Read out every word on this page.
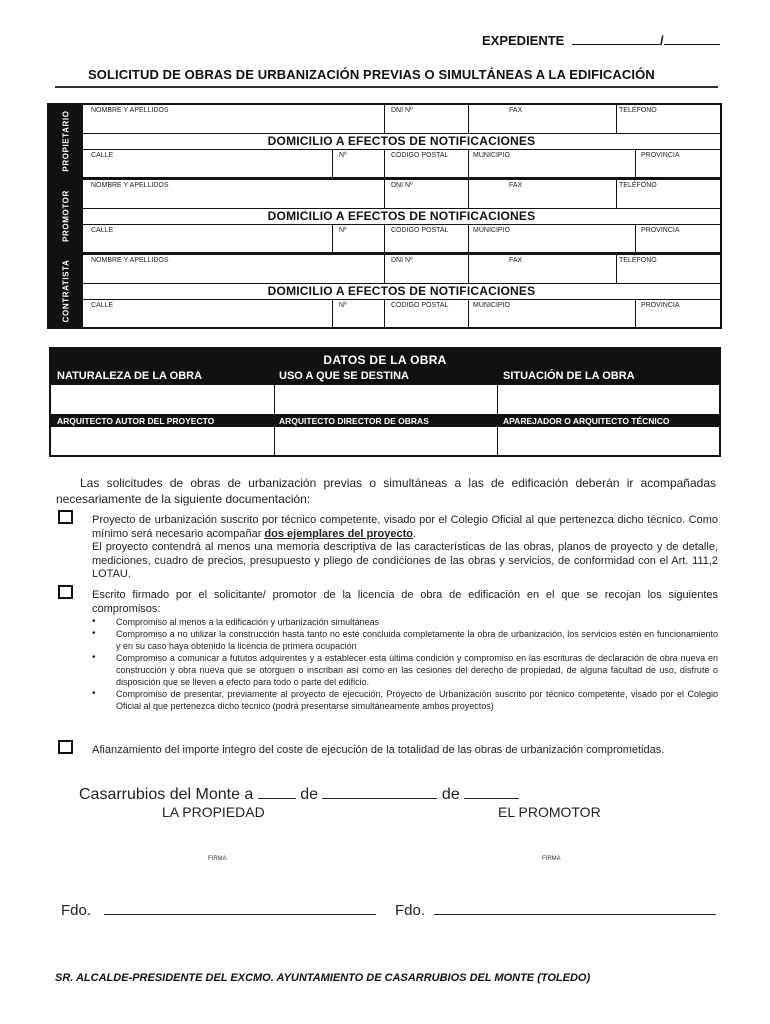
EXPEDIENTE	/
SOLICITUD DE OBRAS DE URBANIZACIÓN PREVIAS O SIMULTÁNEAS A LA EDIFICACIÓN
PROPIETARIO	NOMBRE Y APELLIDOS	DNI Nº	FAX	TELÉFONO
DOMICILIO A EFECTOS DE NOTIFICACIONES
CALLE	Nº	CÓDIGO POSTAL	MUNICIPIO	PROVINCIA
PROMOTOR
NOMBRE Y APELLIDOS	DNI Nº	FAX	TELÉFONO
DOMICILIO A EFECTOS DE NOTIFICACIONES
CALLE	Nº	CÓDIGO POSTAL	MUNICIPIO	PROVINCIA
CONTRATISTA	NOMBRE Y APELLIDOS	DNI Nº	FAX	TELÉFONO
DOMICILIO A EFECTOS DE NOTIFICACIONES
CALLE	Nº	CÓDIGO POSTAL	MUNICIPIO	PROVINCIA
DATOS DE LA OBRA
NATURALEZA DE LA OBRA	USO A QUE SE DESTINA	SITUACIÓN DE LA OBRA
ARQUITECTO AUTOR DEL PROYECTO	ARQUITECTO DIRECTOR DE OBRAS	APAREJADOR O ARQUITECTO TÉCNICO
Las solicitudes de obras de urbanización previas o simultáneas a las de edificación deberán ir acompañadas necesariamente de la siguiente documentación:
Proyecto de urbanización suscrito por técnico competente, visado por el Colegio Oficial al que pertenezca dicho técnico. Como mínimo será necesario acompañar dos ejemplares del proyecto.
El proyecto contendrá al menos una memoria descriptiva de las características de las obras, planos de proyecto y de detalle, mediciones, cuadro de precios, presupuesto y pliego de condiciones de las obras y servicios, de conformidad con el Art. 111,2 LOTAU.
Escrito firmado por el solicitante/ promotor de la licencia de obra de edificación en el que se recojan los siguientes compromisos:
• Compromiso al menos a la edificación y urbanización simultáneas
• Compromiso a no utilizar la construcción hasta tanto no esté concluida completamente la obra de urbanización, los servicios estén en funcionamiento y en su caso haya obtenido la licencia de primera ocupación
• Compromiso a comunicar a fututos adquirentes y a establecer esta última condición y compromiso en las escrituras de declaración de obra nueva en construcción y obra nueva que se otorguen o inscriban así como en las cesiones del derecho de propiedad, de alguna facultad de uso, disfrute o disposición que se lleven a efecto para todo o parte del edificio.
• Compromiso de presentar, previamente al proyecto de ejecución, Proyecto de Urbanización suscrito por técnico competente, visado por el Colegio Oficial al que pertenezca dicho técnico (podrá presentarse simultáneamente ambos proyectos)
Afianzamiento del importe integro del coste de ejecución de la totalidad de las obras de urbanización comprometidas.
Casarrubios del Monte a	de	de
LA PROPIEDAD	EL PROMOTOR
FIRMA	FIRMA
Fdo.	Fdo.
SR. ALCALDE-PRESIDENTE DEL EXCMO. AYUNTAMIENTO DE CASARRUBIOS DEL MONTE (TOLEDO)
